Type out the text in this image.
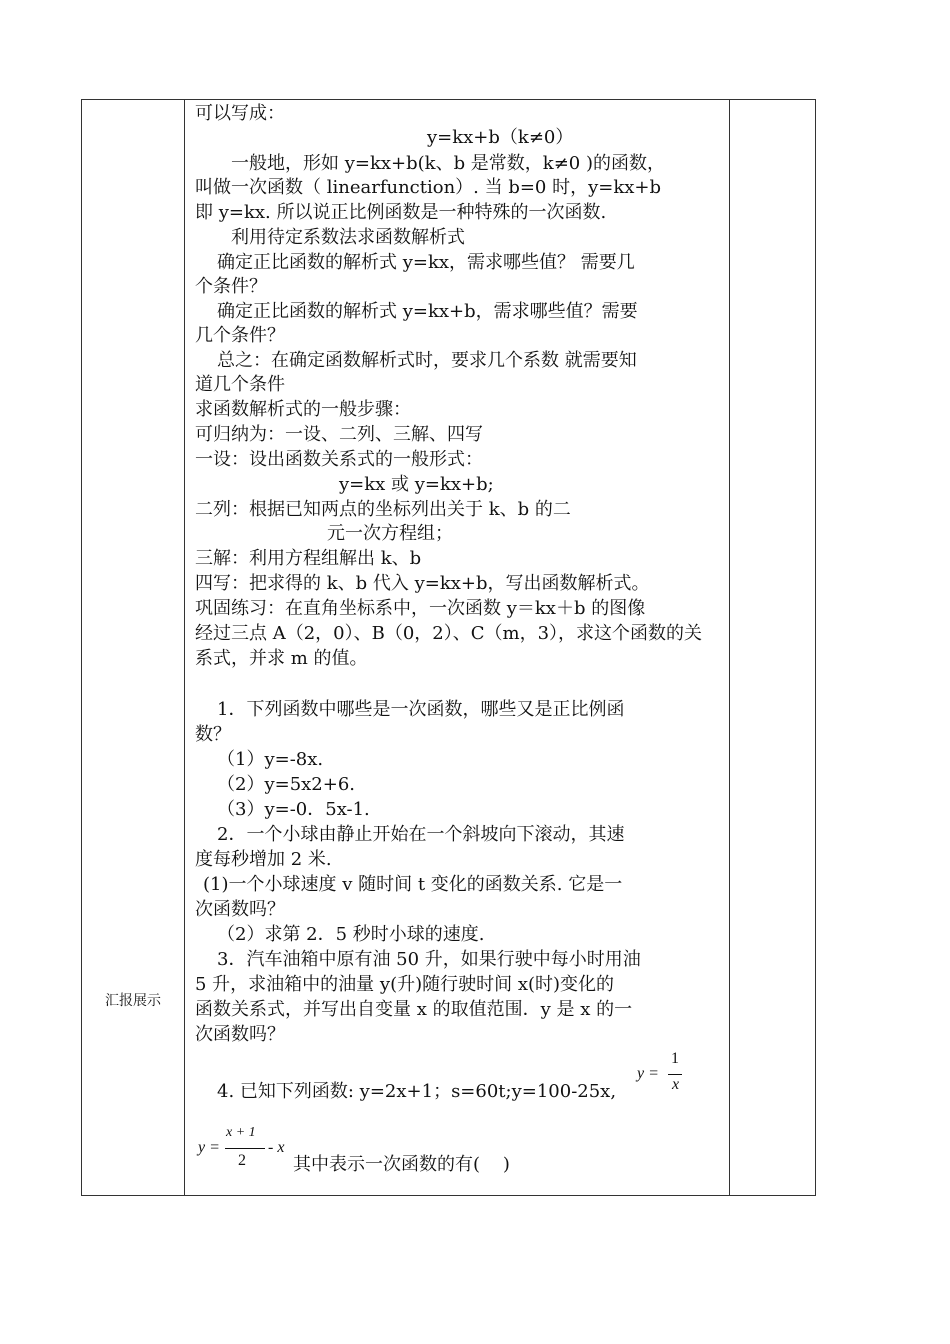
汇报展示
可以写成：
y=kx+b（k≠0）
一般地，形如 y=kx+b(k、b 是常数，k≠0 )的函数，
叫做一次函数（ linearfunction）. 当 b=0 时，y=kx+b
即 y=kx. 所以说正比例函数是一种特殊的一次函数.
利用待定系数法求函数解析式
确定正比函数的解析式 y=kx，需求哪些值？ 需要几
个条件？
确定正比函数的解析式 y=kx+b，需求哪些值？需要
几个条件？
总之：在确定函数解析式时，要求几个系数 就需要知
道几个条件
求函数解析式的一般步骤：
可归纳为：一设、二列、三解、四写
一设：设出函数关系式的一般形式：
y=kx 或 y=kx+b;
二列：根据已知两点的坐标列出关于 k、b 的二
元一次方程组；
三解：利用方程组解出 k、b
四写：把求得的 k、b 代入 y=kx+b，写出函数解析式。
巩固练习：在直角坐标系中，一次函数 y＝kx＋b 的图像
经过三点 A（2，0）、B（0，2）、C（m，3），求这个函数的关
系式，并求 m 的值。
1．下列函数中哪些是一次函数，哪些又是正比例函
数？
（1）y=-8x.
（2）y=5x2+6.
（3）y=-0．5x-1.
2．一个小球由静止开始在一个斜坡向下滚动，其速
度每秒增加 2 米.
(1)一个小球速度 v 随时间 t 变化的函数关系. 它是一
次函数吗？
（2）求第 2．5 秒时小球的速度.
3．汽车油箱中原有油 50 升，如果行驶中每小时用油
5 升，求油箱中的油量 y(升)随行驶时间 x(时)变化的
函数关系式，并写出自变量 x 的取值范围．y 是 x 的一
次函数吗？
4. 已知下列函数: y=2x+1；s=60t;y=100-25x,
y =
1
x
y =
x + 1
2
- x
其中表示一次函数的有(    )
